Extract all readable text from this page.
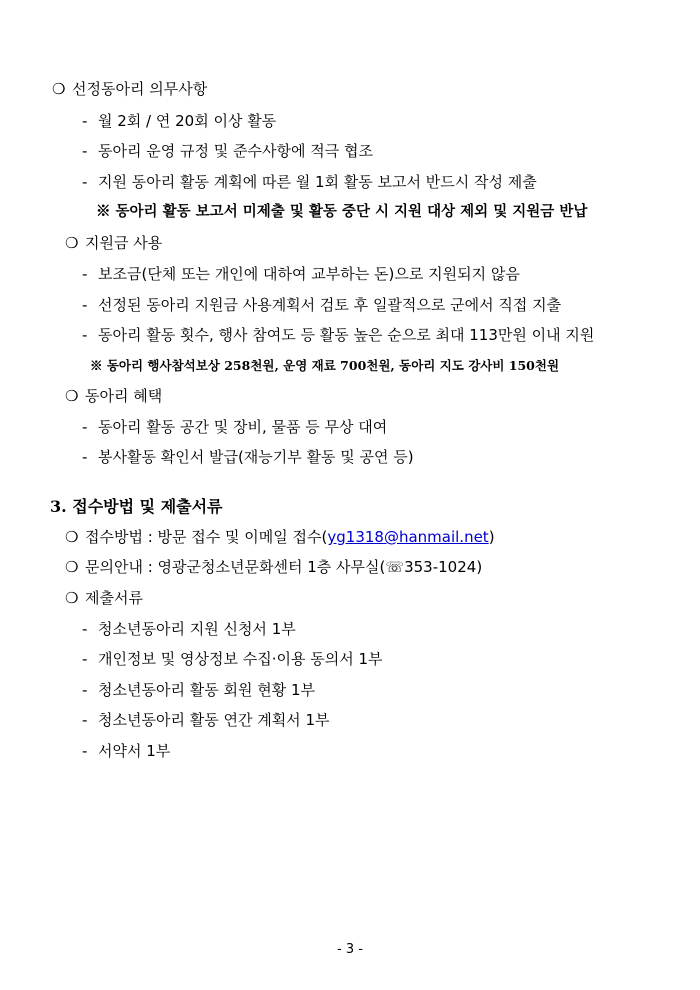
❍ 선정동아리 의무사항
- 월 2회 / 연 20회 이상 활동
- 동아리 운영 규정 및 준수사항에 적극 협조
- 지원 동아리 활동 계획에 따른 월 1회 활동 보고서 반드시 작성 제출
※ 동아리 활동 보고서 미제출 및 활동 중단 시 지원 대상 제외 및 지원금 반납
❍ 지원금 사용
- 보조금(단체 또는 개인에 대하여 교부하는 돈)으로 지원되지 않음
- 선정된 동아리 지원금 사용계획서 검토 후 일괄적으로 군에서 직접 지출
- 동아리 활동 횟수, 행사 참여도 등 활동 높은 순으로 최대 113만원 이내 지원
※ 동아리 행사참석보상 258천원, 운영 재료 700천원, 동아리 지도 강사비 150천원
❍ 동아리 혜택
- 동아리 활동 공간 및 장비, 물품 등 무상 대여
- 봉사활동 확인서 발급(재능기부 활동 및 공연 등)
3. 접수방법 및 제출서류
❍ 접수방법 : 방문 접수 및 이메일 접수(yg1318@hanmail.net)
❍ 문의안내 : 영광군청소년문화센터 1층 사무실(☏353-1024)
❍ 제출서류
- 청소년동아리 지원 신청서 1부
- 개인정보 및 영상정보 수집·이용 동의서 1부
- 청소년동아리 활동 회원 현황 1부
- 청소년동아리 활동 연간 계획서 1부
- 서약서 1부
- 3 -
